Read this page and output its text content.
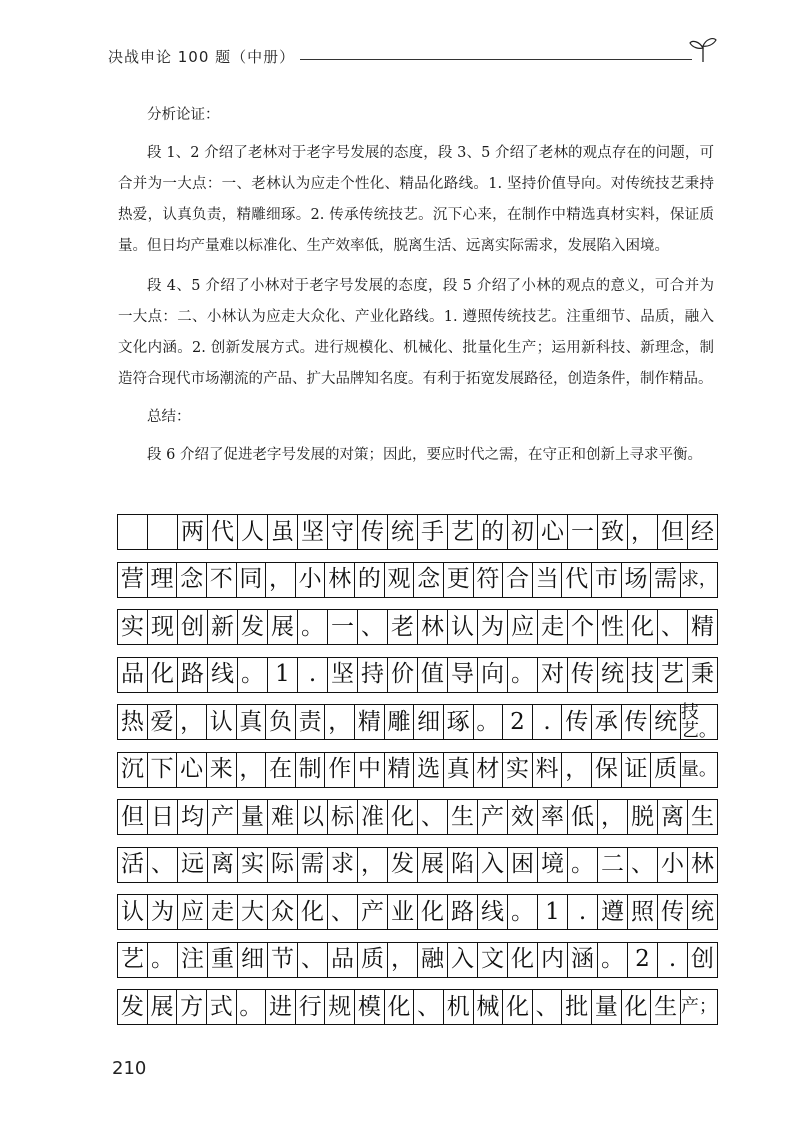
决战申论 100 题（中册）

分析论证：

段 1、2 介绍了老林对于老字号发展的态度，段 3、5 介绍了老林的观点存在的问题，可合并为一大点：一、老林认为应走个性化、精品化路线。1. 坚持价值导向。对传统技艺秉持热爱，认真负责，精雕细琢。2. 传承传统技艺。沉下心来，在制作中精选真材实料，保证质量。但日均产量难以标准化、生产效率低，脱离生活、远离实际需求，发展陷入困境。

段 4、5 介绍了小林对于老字号发展的态度，段 5 介绍了小林的观点的意义，可合并为一大点：二、小林认为应走大众化、产业化路线。1. 遵照传统技艺。注重细节、品质，融入文化内涵。2. 创新发展方式。进行规模化、机械化、批量化生产；运用新科技、新理念，制造符合现代市场潮流的产品、扩大品牌知名度。有利于拓宽发展路径，创造条件，制作精品。

总结：

段 6 介绍了促进老字号发展的对策；因此，要应时代之需，在守正和创新上寻求平衡。

两 代 人 虽 坚 守 传 统 手 艺 的 初 心 一 致 ， 但 经
营 理 念 不 同 ， 小 林 的 观 念 更 符 合 当 代 市 场 需 求，
实 现 创 新 发 展 。 一 、 老 林 认 为 应 走 个 性 化 、 精
品 化 路 线 。 1 . 坚 持 价 值 导 向 。 对 传 统 技 艺 秉
热 爱 ， 认 真 负 责 ， 精 雕 细 琢 。 2 . 传 承 传 统 技艺。
沉 下 心 来 ， 在 制 作 中 精 选 真 材 实 料 ， 保 证 质 量。
但 日 均 产 量 难 以 标 准 化 、 生 产 效 率 低 ， 脱 离 生
活 、 远 离 实 际 需 求 ， 发 展 陷 入 困 境 。 二 、 小 林
认 为 应 走 大 众 化 、 产 业 化 路 线 。 1 . 遵 照 传 统
艺 。 注 重 细 节 、 品 质 ， 融 入 文 化 内 涵 。 2 . 创
发 展 方 式 。 进 行 规 模 化 、 机 械 化 、 批 量 化 生 产；
210
